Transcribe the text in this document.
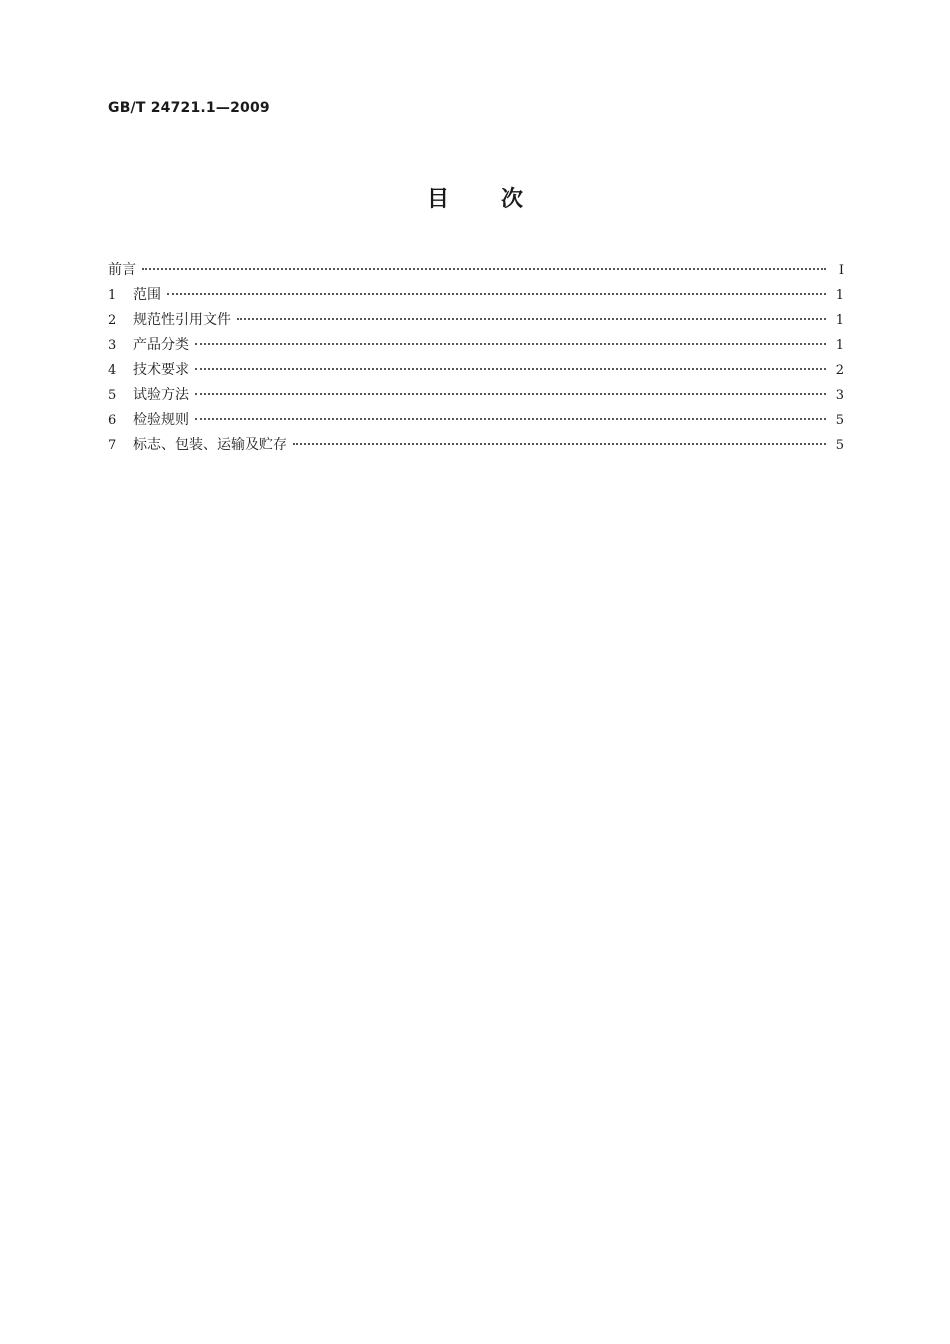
GB/T 24721.1—2009
目次
前言	Ⅰ
1	范围	1
2	规范性引用文件	1
3	产品分类	1
4	技术要求	2
5	试验方法	3
6	检验规则	5
7	标志、包装、运输及贮存	5
